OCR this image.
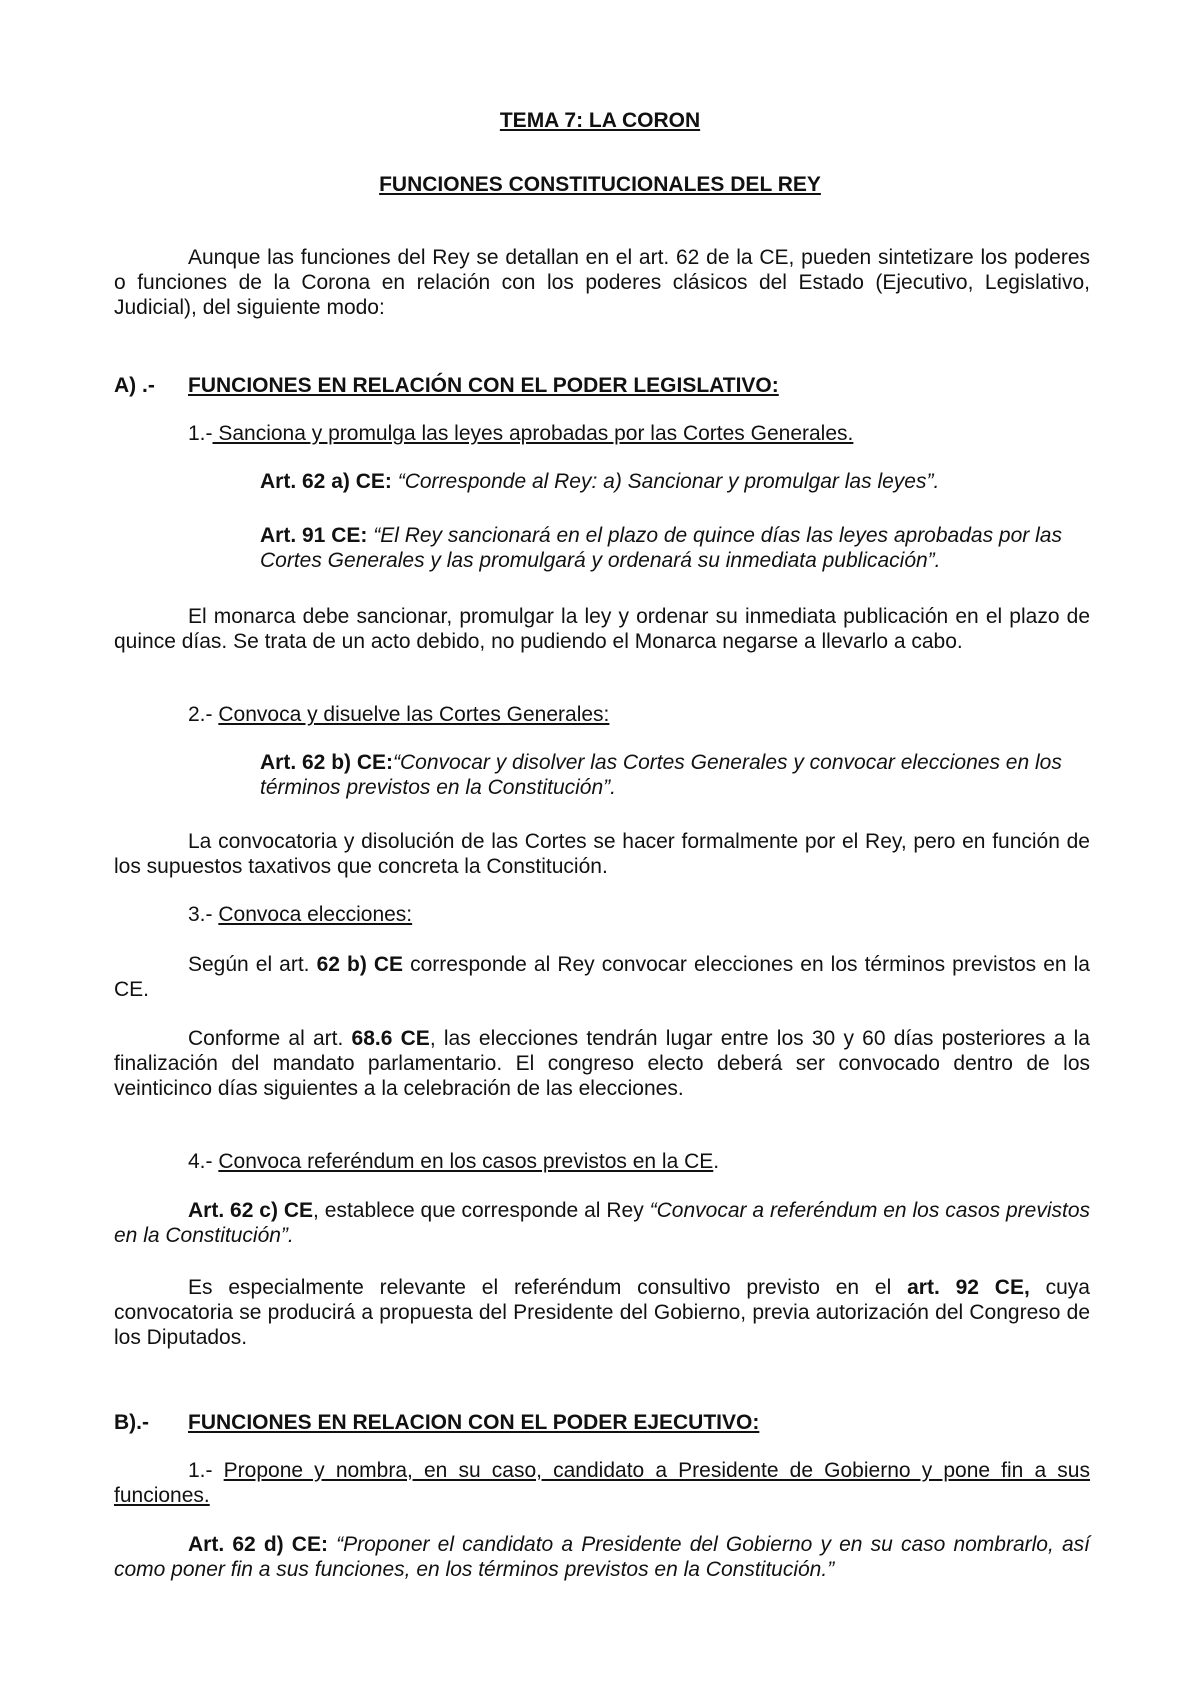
TEMA 7: LA CORON

FUNCIONES CONSTITUCIONALES DEL REY

Aunque las funciones del Rey se detallan en el art. 62 de la CE, pueden sintetizare los poderes o funciones de la Corona en relación con los poderes clásicos del Estado (Ejecutivo, Legislativo, Judicial), del siguiente modo:

A) .- FUNCIONES EN RELACIÓN CON EL PODER LEGISLATIVO:

1.- Sanciona y promulga las leyes aprobadas por las Cortes Generales.

Art. 62 a) CE: “Corresponde al Rey: a) Sancionar y promulgar las leyes”.

Art. 91 CE: “El Rey sancionará en el plazo de quince días las leyes aprobadas por las Cortes Generales y las promulgará y ordenará su inmediata publicación”.

El monarca debe sancionar, promulgar la ley y ordenar su inmediata publicación en el plazo de quince días. Se trata de un acto debido, no pudiendo el Monarca negarse a llevarlo a cabo.

2.- Convoca y disuelve las Cortes Generales:

Art. 62 b) CE:“Convocar y disolver las Cortes Generales y convocar elecciones en los términos previstos en la Constitución”.

La convocatoria y disolución de las Cortes se hacer formalmente por el Rey, pero en función de los supuestos taxativos que concreta la Constitución.

3.- Convoca elecciones:

Según el art. 62 b) CE corresponde al Rey convocar elecciones en los términos previstos en la CE.

Conforme al art. 68.6 CE, las elecciones tendrán lugar entre los 30 y 60 días posteriores a la finalización del mandato parlamentario. El congreso electo deberá ser convocado dentro de los veinticinco días siguientes a la celebración de las elecciones.

4.- Convoca referéndum en los casos previstos en la CE.

Art. 62 c) CE, establece que corresponde al Rey “Convocar a referéndum en los casos previstos en la Constitución”.

Es especialmente relevante el referéndum consultivo previsto en el art. 92 CE, cuya convocatoria se producirá a propuesta del Presidente del Gobierno, previa autorización del Congreso de los Diputados.

B).- FUNCIONES EN RELACION CON EL PODER EJECUTIVO:

1.- Propone y nombra, en su caso, candidato a Presidente de Gobierno y pone fin a sus funciones.

Art. 62 d) CE: “Proponer el candidato a Presidente del Gobierno y en su caso nombrarlo, así como poner fin a sus funciones, en los términos previstos en la Constitución.”
